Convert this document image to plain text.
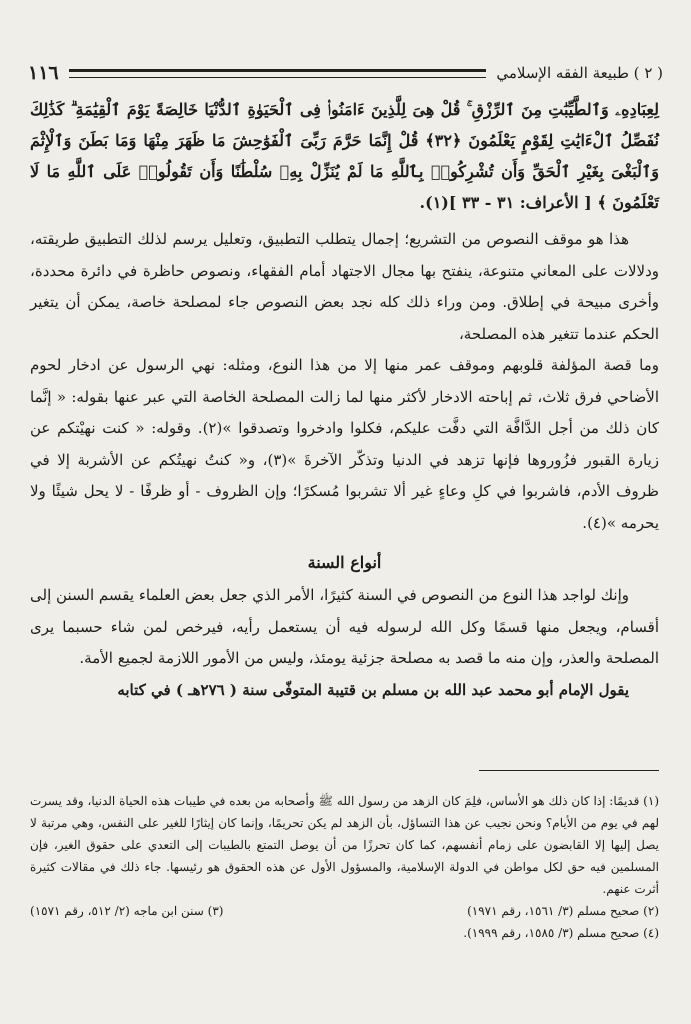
١١٦	( ٢ ) طبيعة الفقه الإسلامي

لِعِبَادِهِۦ وَٱلطَّيِّبَٰتِ مِنَ ٱلرِّزْقِ ۚ قُلْ هِىَ لِلَّذِينَ ءَامَنُوا۟ فِى ٱلْحَيَوٰةِ ٱلدُّنْيَا خَالِصَةً يَوْمَ ٱلْقِيَٰمَةِ ۗ كَذَٰلِكَ نُفَصِّلُ ٱلْءَايَٰتِ لِقَوْمٍ يَعْلَمُونَ ﴿٣٢﴾ قُلْ إِنَّمَا حَرَّمَ رَبِّىَ ٱلْفَوَٰحِشَ مَا ظَهَرَ مِنْهَا وَمَا بَطَنَ وَٱلْإِثْمَ وَٱلْبَغْىَ بِغَيْرِ ٱلْحَقِّ وَأَن تُشْرِكُوا۟ بِٱللَّهِ مَا لَمْ يُنَزِّلْ بِهِۦ سُلْطَٰنًا وَأَن تَقُولُوا۟ عَلَى ٱللَّهِ مَا لَا تَعْلَمُونَ ﴾ [ الأعراف: ٣١ - ٣٣ ](١).

هذا هو موقف النصوص من التشريع؛ إجمال يتطلب التطبيق، وتعليل يرسم لذلك التطبيق طريقته، ودلالات على المعاني متنوعة، ينفتح بها مجال الاجتهاد أمام الفقهاء، ونصوص حاظرة في دائرة محددة، وأخرى مبيحة في إطلاق. ومن وراء ذلك كله نجد بعض النصوص جاء لمصلحة خاصة، يمكن أن يتغير الحكم عندما تتغير هذه المصلحة،

وما قصة المؤلفة قلوبهم وموقف عمر منها إلا من هذا النوع، ومثله: نهي الرسول عن ادخار لحوم الأضاحي فرق ثلاث، ثم إباحته الادخار لأكثر منها لما زالت المصلحة الخاصة التي عبر عنها بقوله: « إنَّما كان ذلك من أجل الدَّافَّة التي دفَّت عليكم، فكلوا وادخروا وتصدقوا »(٢). وقوله: « كنت نهيْتكم عن زيارة القبور فزُوروها فإنها تزهد في الدنيا وتذكّر الآخرةَ »(٣)، و« كنتُ نهيتُكم عن الأشربة إلا في ظروف الأدم، فاشربوا في كلِ وعاءٍ غير ألا تشربوا مُسكرًا؛ وإن الظروف - أو ظرفًا - لا يحل شيئًا ولا يحرمه »(٤).

أنواع السنة

وإنك لواجد هذا النوع من النصوص في السنة كثيرًا، الأمر الذي جعل بعض العلماء يقسم السنن إلى أقسام، ويجعل منها قسمًا وكل الله لرسوله فيه أن يستعمل رأيه، فيرخص لمن شاء حسبما يرى المصلحة والعذر، وإن منه ما قصد به مصلحة جزئية يومئذ، وليس من الأمور اللازمة لجميع الأمة.

يقول الإمام أبو محمد عبد الله بن مسلم بن قتيبة المتوفّى سنة ( ٢٧٦هـ ) في كتابه

(١) قديمًا: إذا كان ذلك هو الأساس، فلِمَ كان الزهد من رسول الله ﷺ وأصحابه من بعده في طيبات هذه الحياة الدنيا، وقد يسرت لهم في يوم من الأيام؟ ونحن نجيب عن هذا التساؤل، بأن الزهد لم يكن تحريمًا، وإنما كان إيثارًا للغير على النفس، وهي مرتبة لا يصل إليها إلا القابضون على زمام أنفسهم، كما كان تحرزًا من أن يوصل التمتع بالطيبات إلى التعدي على حقوق الغير، فإن المسلمين فيه حق لكل مواطن في الدولة الإسلامية، والمسؤول الأول عن هذه الحقوق هو رئيسها. جاء ذلك في مقالات كثيرة أثرت عنهم.

(٢) صحيح مسلم (٣/ ١٥٦١، رقم ١٩٧١)
(٣) سنن ابن ماجه (٢/ ٥١٢، رقم ١٥٧١)

(٤) صحيح مسلم (٣/ ١٥٨٥، رقم ١٩٩٩).
